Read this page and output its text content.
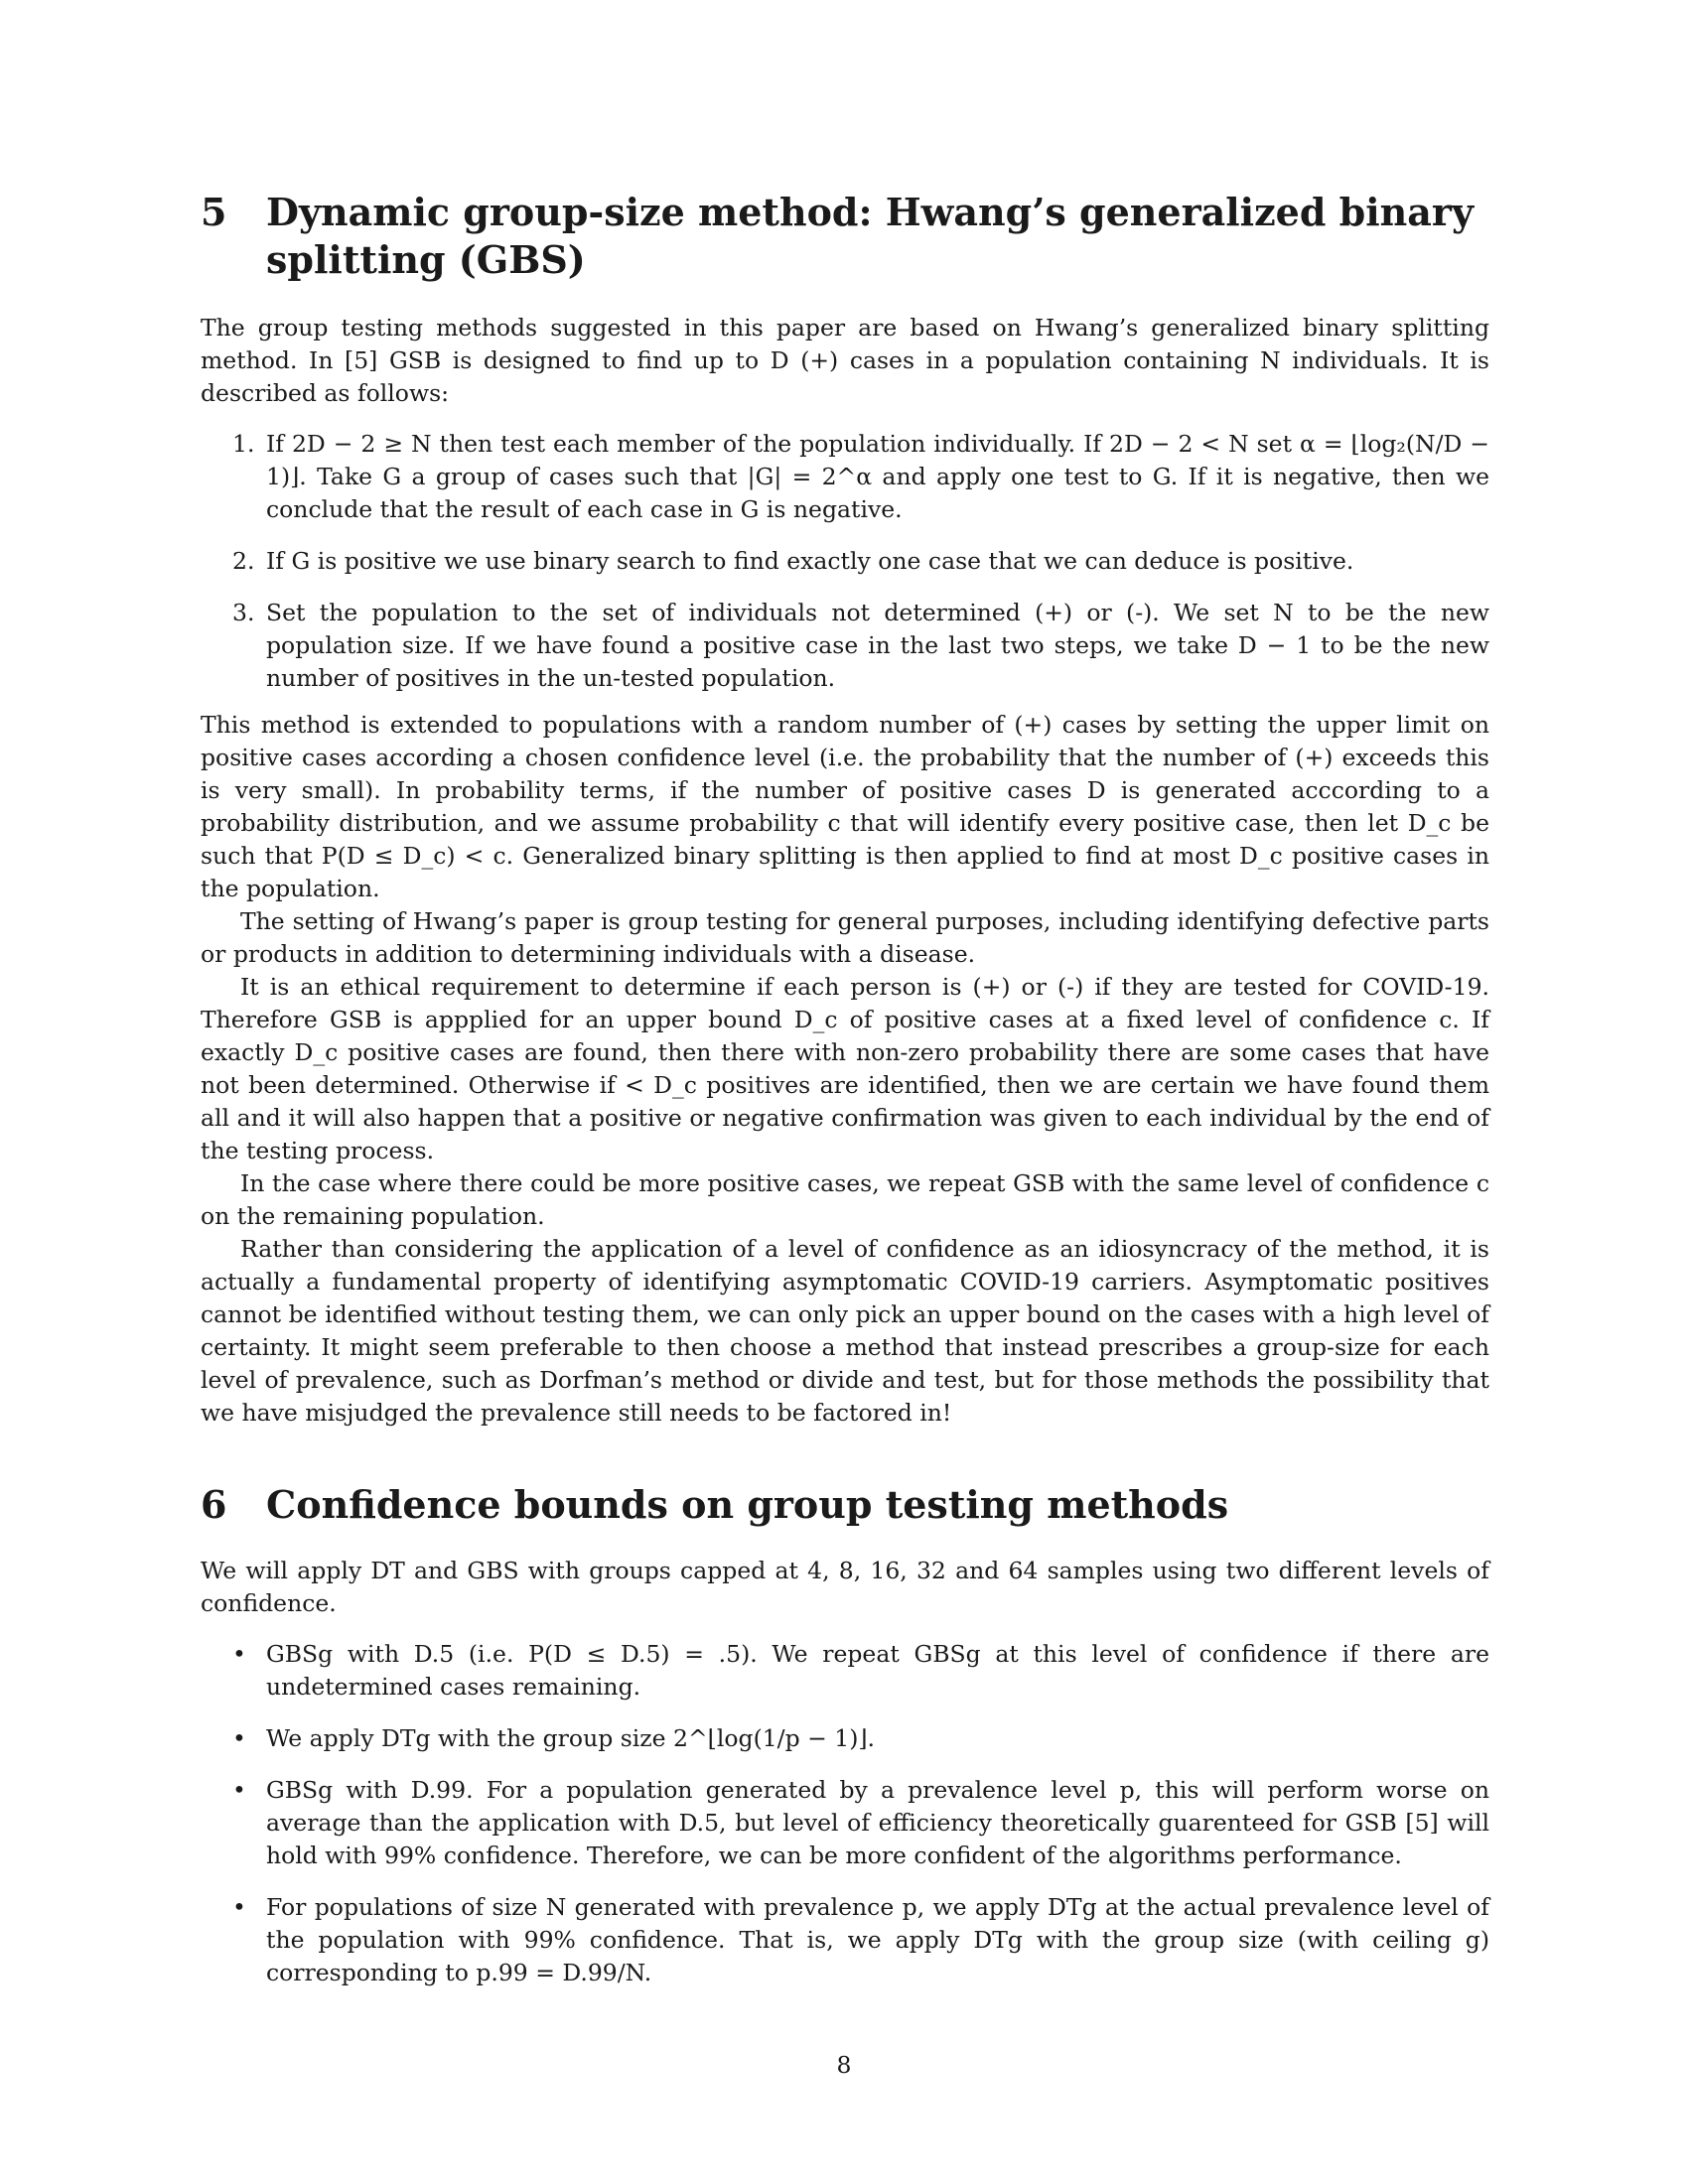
5	Dynamic group-size method: Hwang’s generalized binary splitting (GBS)

The group testing methods suggested in this paper are based on Hwang’s generalized binary splitting method. In [5] GSB is designed to find up to D (+) cases in a population containing N individuals. It is described as follows:

1. If 2D − 2 ≥ N then test each member of the population individually. If 2D − 2 < N set α = ⌊log₂(N/D − 1)⌋. Take G a group of cases such that |G| = 2^α and apply one test to G. If it is negative, then we conclude that the result of each case in G is negative.
2. If G is positive we use binary search to find exactly one case that we can deduce is positive.
3. Set the population to the set of individuals not determined (+) or (-). We set N to be the new population size. If we have found a positive case in the last two steps, we take D − 1 to be the new number of positives in the un-tested population.

This method is extended to populations with a random number of (+) cases by setting the upper limit on positive cases according a chosen confidence level (i.e. the probability that the number of (+) exceeds this is very small). In probability terms, if the number of positive cases D is generated acccording to a probability distribution, and we assume probability c that will identify every positive case, then let D_c be such that P(D ≤ D_c) < c. Generalized binary splitting is then applied to find at most D_c positive cases in the population.

The setting of Hwang’s paper is group testing for general purposes, including identifying defective parts or products in addition to determining individuals with a disease.

It is an ethical requirement to determine if each person is (+) or (-) if they are tested for COVID-19. Therefore GSB is appplied for an upper bound D_c of positive cases at a fixed level of confidence c. If exactly D_c positive cases are found, then there with non-zero probability there are some cases that have not been determined. Otherwise if < D_c positives are identified, then we are certain we have found them all and it will also happen that a positive or negative confirmation was given to each individual by the end of the testing process.

In the case where there could be more positive cases, we repeat GSB with the same level of confidence c on the remaining population.

Rather than considering the application of a level of confidence as an idiosyncracy of the method, it is actually a fundamental property of identifying asymptomatic COVID-19 carriers. Asymptomatic positives cannot be identified without testing them, we can only pick an upper bound on the cases with a high level of certainty. It might seem preferable to then choose a method that instead prescribes a group-size for each level of prevalence, such as Dorfman’s method or divide and test, but for those methods the possibility that we have misjudged the prevalence still needs to be factored in!

6	Confidence bounds on group testing methods

We will apply DT and GBS with groups capped at 4, 8, 16, 32 and 64 samples using two different levels of confidence.

• GBSg with D.5 (i.e. P(D ≤ D.5) = .5). We repeat GBSg at this level of confidence if there are undetermined cases remaining.
• We apply DTg with the group size 2^⌊log(1/p − 1)⌋.
• GBSg with D.99. For a population generated by a prevalence level p, this will perform worse on average than the application with D.5, but level of efficiency theoretically guarenteed for GSB [5] will hold with 99% confidence. Therefore, we can be more confident of the algorithms performance.
• For populations of size N generated with prevalence p, we apply DTg at the actual prevalence level of the population with 99% confidence. That is, we apply DTg with the group size (with ceiling g) corresponding to p.99 = D.99/N.
8
